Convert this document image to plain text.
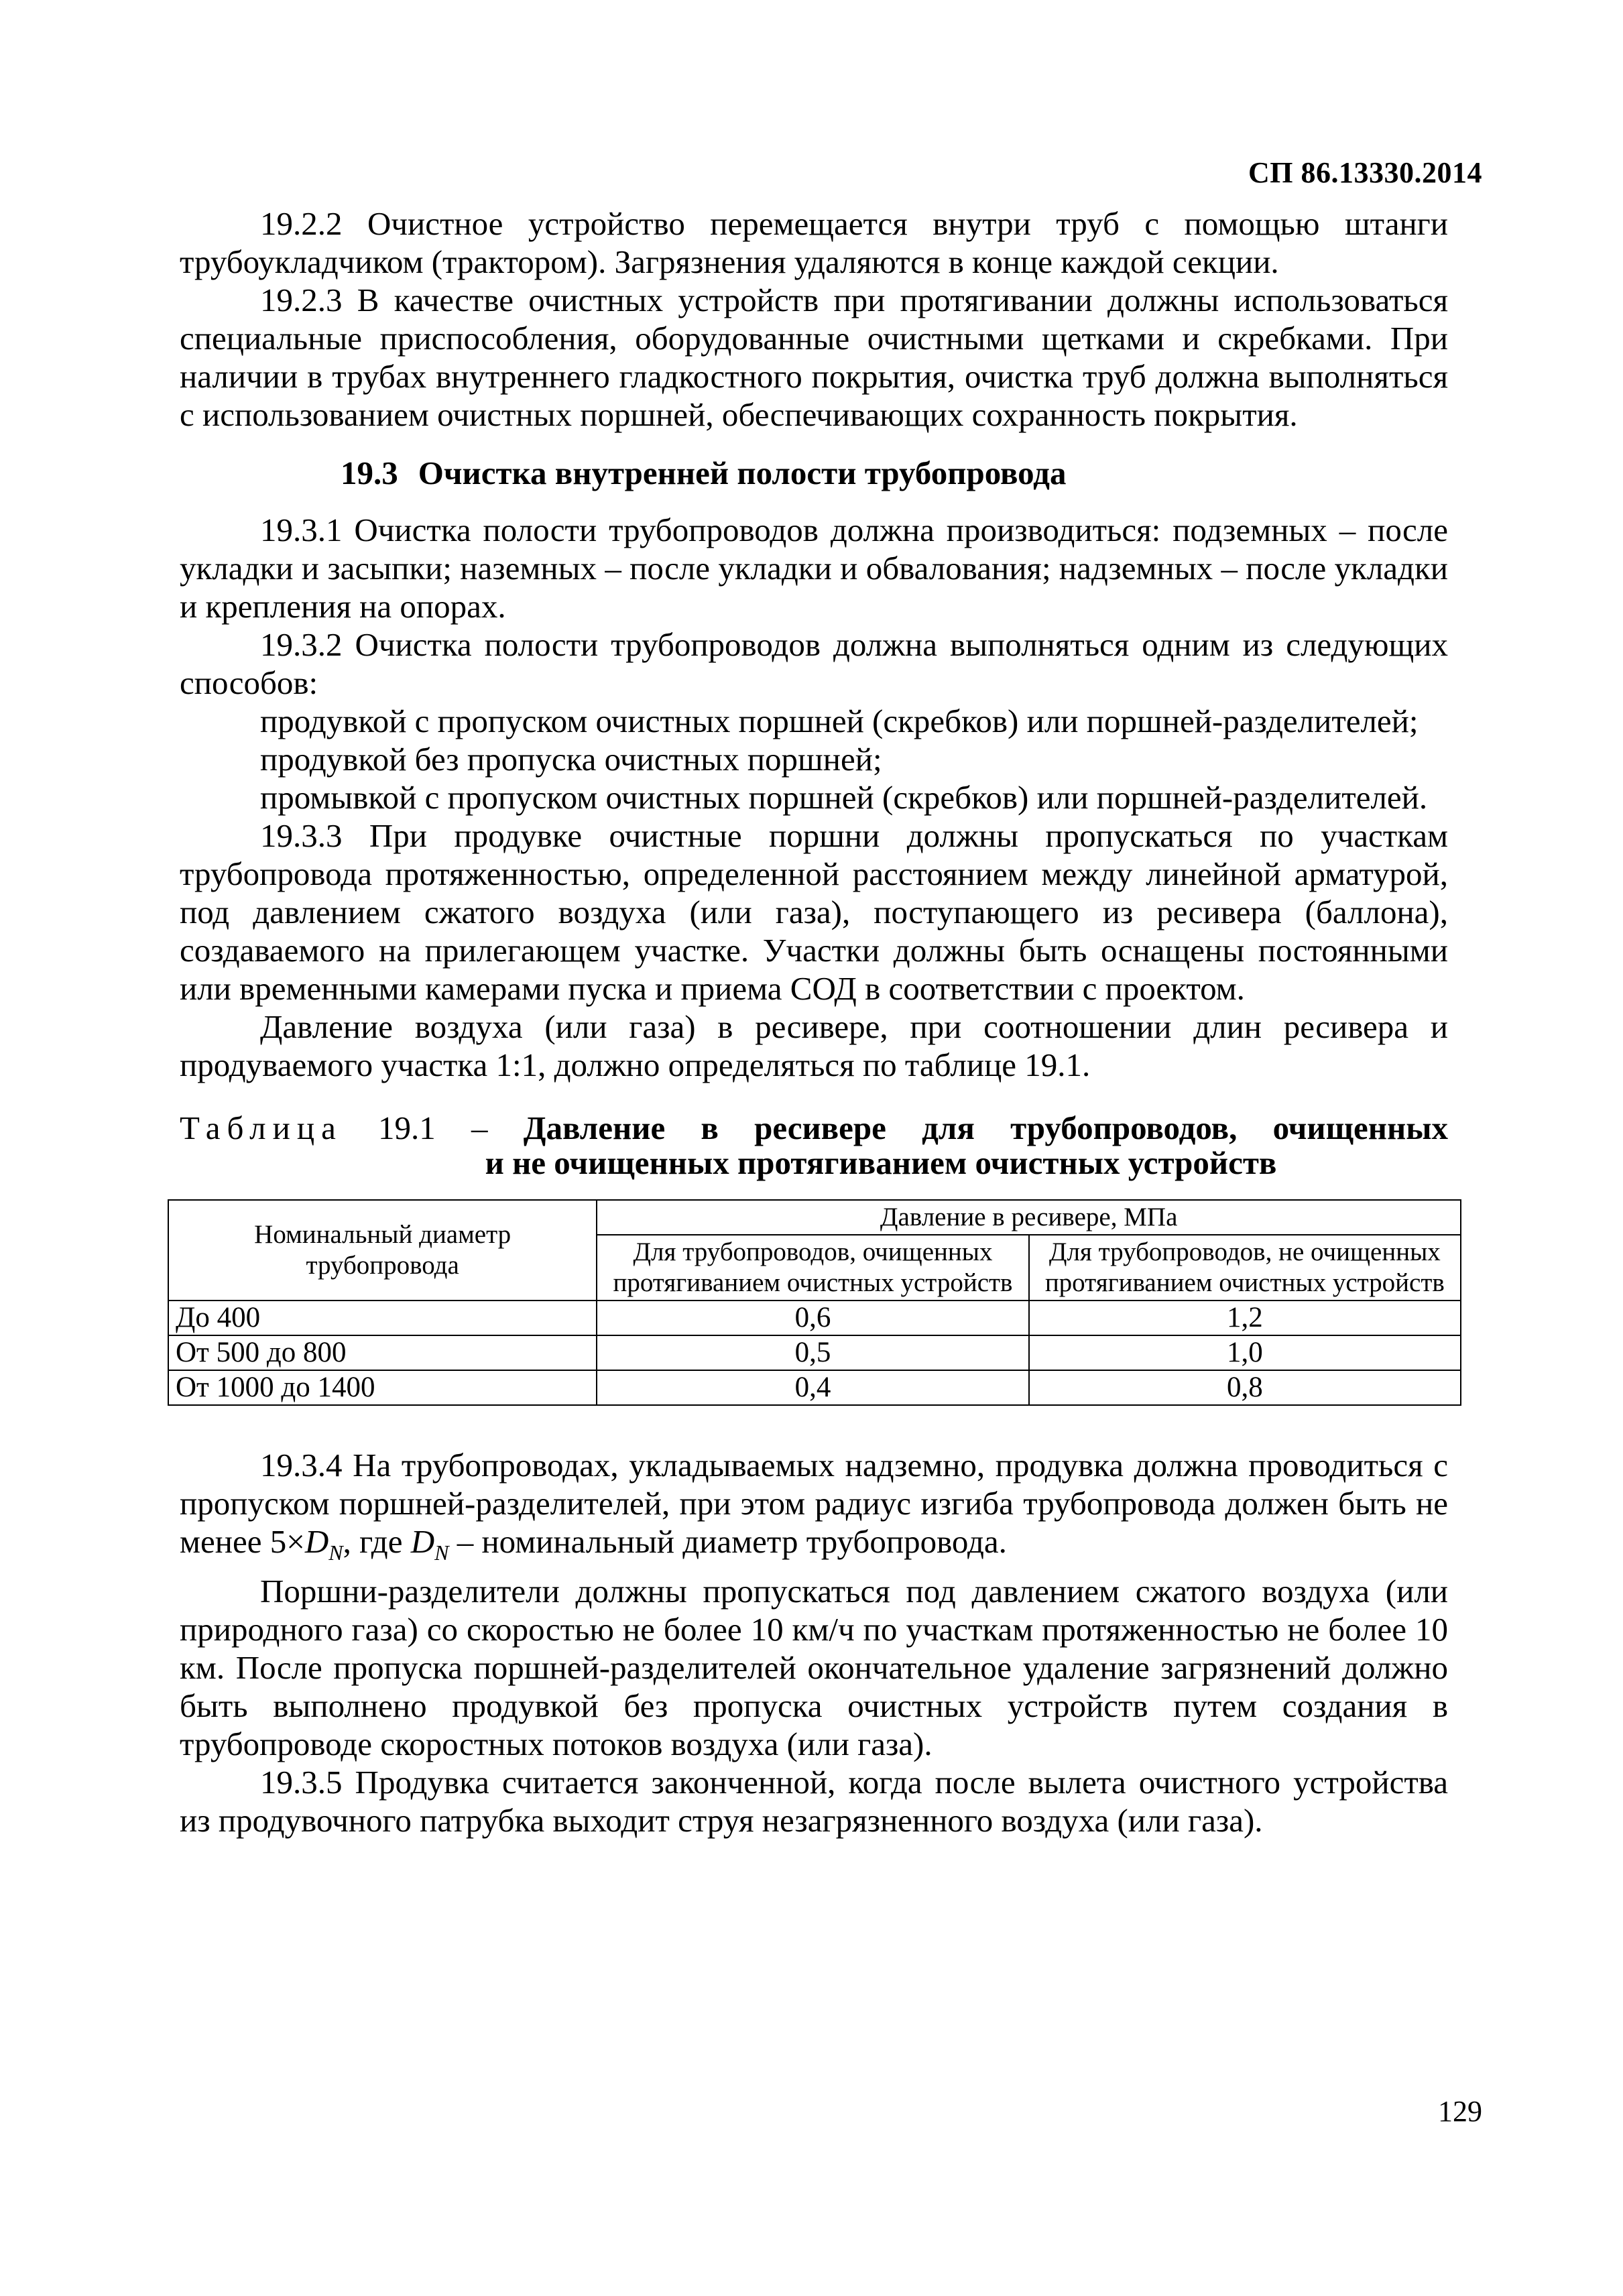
СП 86.13330.2014

19.2.2 Очистное устройство перемещается внутри труб с помощью штанги трубоукладчиком (трактором). Загрязнения удаляются в конце каждой секции.

19.2.3 В качестве очистных устройств при протягивании должны использоваться специальные приспособления, оборудованные очистными щетками и скребками. При наличии в трубах внутреннего гладкостного покрытия, очистка труб должна выполняться с использованием очистных поршней, обеспечивающих сохранность покрытия.

19.3 Очистка внутренней полости трубопровода

19.3.1 Очистка полости трубопроводов должна производиться: подземных – после укладки и засыпки; наземных – после укладки и обвалования; надземных – после укладки и крепления на опорах.

19.3.2 Очистка полости трубопроводов должна выполняться одним из следующих способов:

продувкой с пропуском очистных поршней (скребков) или поршней-разделителей;

продувкой без пропуска очистных поршней;

промывкой с пропуском очистных поршней (скребков) или поршней-разделителей.

19.3.3 При продувке очистные поршни должны пропускаться по участкам трубопровода протяженностью, определенной расстоянием между линейной арматурой, под давлением сжатого воздуха (или газа), поступающего из ресивера (баллона), создаваемого на прилегающем участке. Участки должны быть оснащены постоянными или временными камерами пуска и приема СОД в соответствии с проектом.

Давление воздуха (или газа) в ресивере, при соотношении длин ресивера и продуваемого участка 1:1, должно определяться по таблице 19.1.

Таблица 19.1 – Давление в ресивере для трубопроводов, очищенных
и не очищенных протягиванием очистных устройств
Номинальный диаметр трубопровода	Давление в ресивере, МПа	
	Для трубопроводов, очищенных протягиванием очистных устройств	Для трубопроводов, не очищенных протягиванием очистных устройств
До 400	0,6	1,2
От 500 до 800	0,5	1,0
От 1000 до 1400	0,4	0,8

19.3.4 На трубопроводах, укладываемых надземно, продувка должна проводиться с пропуском поршней-разделителей, при этом радиус изгиба трубопровода должен быть не менее $5\times D_N$, где $D_N$ – номинальный диаметр трубопровода.

Поршни-разделители должны пропускаться под давлением сжатого воздуха (или природного газа) со скоростью не более 10 км/ч по участкам протяженностью не более 10 км. После пропуска поршней-разделителей окончательное удаление загрязнений должно быть выполнено продувкой без пропуска очистных устройств путем создания в трубопроводе скоростных потоков воздуха (или газа).

19.3.5 Продувка считается законченной, когда после вылета очистного устройства из продувочного патрубка выходит струя незагрязненного воздуха (или газа).

129
